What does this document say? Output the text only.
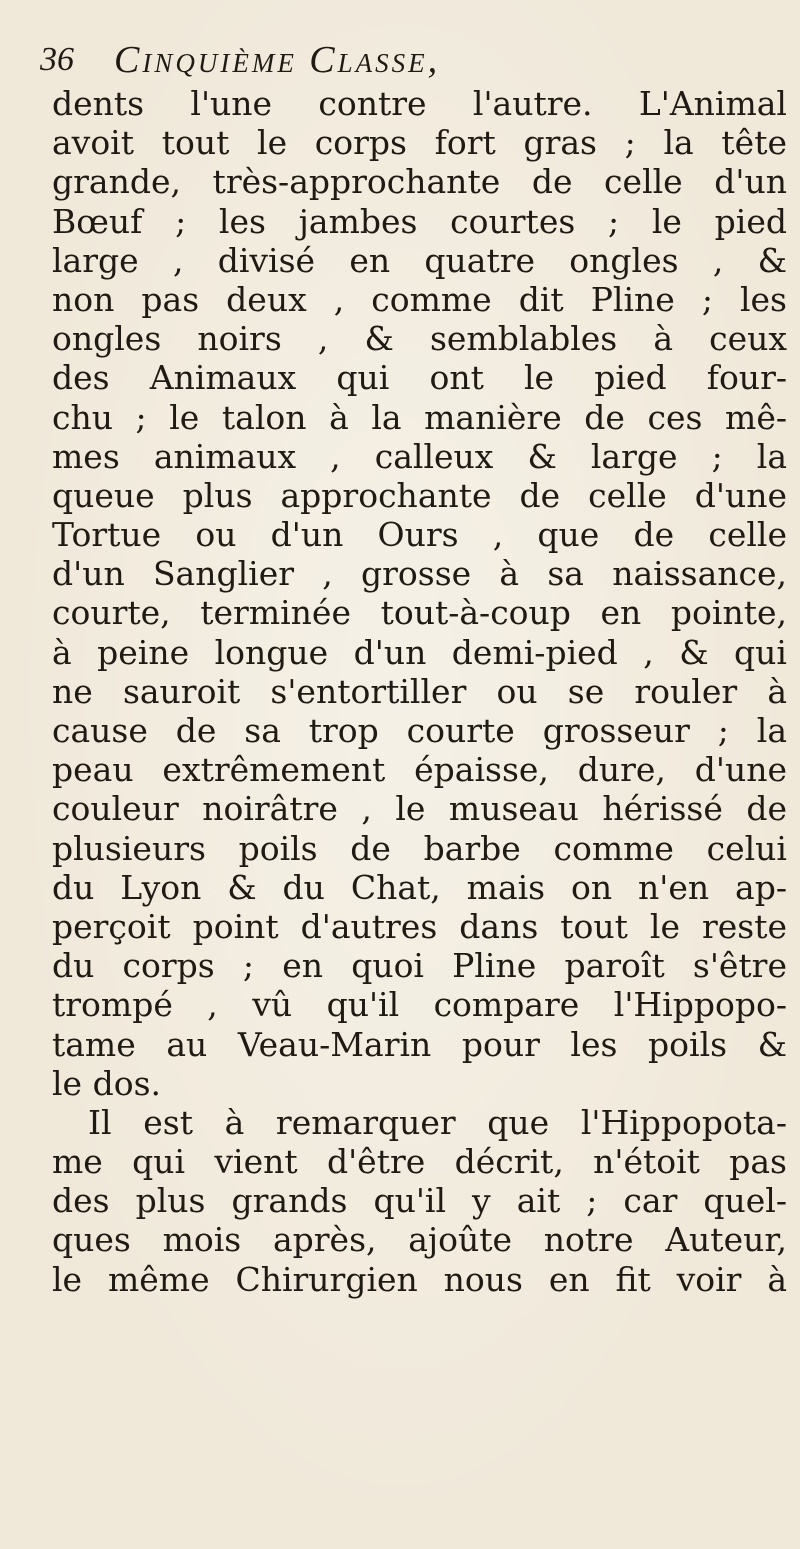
36 Cinquième Classe,
dents l'une contre l'autre. L'Animal
avoit tout le corps fort gras ; la tête
grande, très-approchante de celle d'un
Bœuf ; les jambes courtes ; le pied
large , divisé en quatre ongles , &
non pas deux , comme dit Pline ; les
ongles noirs , & semblables à ceux
des Animaux qui ont le pied four-
chu ; le talon à la manière de ces mê-
mes animaux , calleux & large ; la
queue plus approchante de celle d'une
Tortue ou d'un Ours , que de celle
d'un Sanglier , grosse à sa naissance,
courte, terminée tout-à-coup en pointe,
à peine longue d'un demi-pied , & qui
ne sauroit s'entortiller ou se rouler à
cause de sa trop courte grosseur ; la
peau extrêmement épaisse, dure, d'une
couleur noirâtre , le museau hérissé de
plusieurs poils de barbe comme celui
du Lyon & du Chat, mais on n'en ap-
perçoit point d'autres dans tout le reste
du corps ; en quoi Pline paroît s'être
trompé , vû qu'il compare l'Hippopo-
tame au Veau-Marin pour les poils &
le dos.
Il est à remarquer que l'Hippopota-
me qui vient d'être décrit, n'étoit pas
des plus grands qu'il y ait ; car quel-
ques mois après, ajoûte notre Auteur,
le même Chirurgien nous en fit voir à
